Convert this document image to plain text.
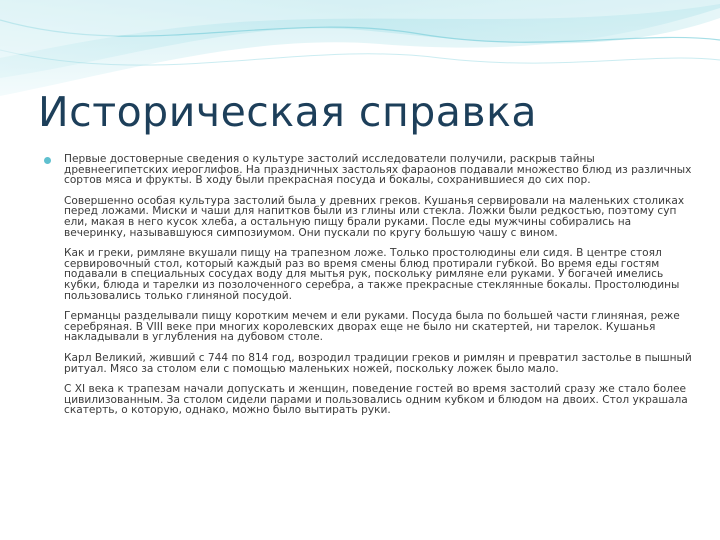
Историческая справка

Первые достоверные сведения о культуре застолий исследователи получили, раскрыв тайны древнеегипетских иероглифов. На праздничных застольях фараонов подавали множество блюд из различных сортов мяса и фрукты. В ходу были прекрасная посуда и бокалы, сохранившиеся до сих пор.

Совершенно особая культура застолий была у древних греков. Кушанья сервировали на маленьких столиках перед ложами. Миски и чаши для напитков были из глины или стекла. Ложки были редкостью, поэтому суп ели, макая в него кусок хлеба, а остальную пищу брали руками. После еды мужчины собирались на вечеринку, называвшуюся симпозиумом. Они пускали по кругу большую чашу с вином.

Как и греки, римляне вкушали пищу на трапезном ложе. Только простолюдины ели сидя. В центре стоял сервировочный стол, который каждый раз во время смены блюд протирали губкой. Во время еды гостям подавали в специальных сосудах воду для мытья рук, поскольку римляне ели руками. У богачей имелись кубки, блюда и тарелки из позолоченного серебра, а также прекрасные стеклянные бокалы. Простолюдины пользовались только глиняной посудой.

Германцы разделывали пищу коротким мечем и ели руками. Посуда была по большей части глиняная, реже серебряная. В VIII веке при многих королевских дворах еще не было ни скатертей, ни тарелок. Кушанья накладывали в углубления на дубовом столе.

Карл Великий, живший с 744 по 814 год, возродил традиции греков и римлян и превратил застолье в пышный ритуал. Мясо за столом ели с помощью маленьких ножей, поскольку ложек было мало.

С XI века к трапезам начали допускать и женщин, поведение гостей во время застолий сразу же стало более цивилизованным. За столом сидели парами и пользовались одним кубком и блюдом на двоих. Стол украшала скатерть, о которую, однако, можно было вытирать руки.
